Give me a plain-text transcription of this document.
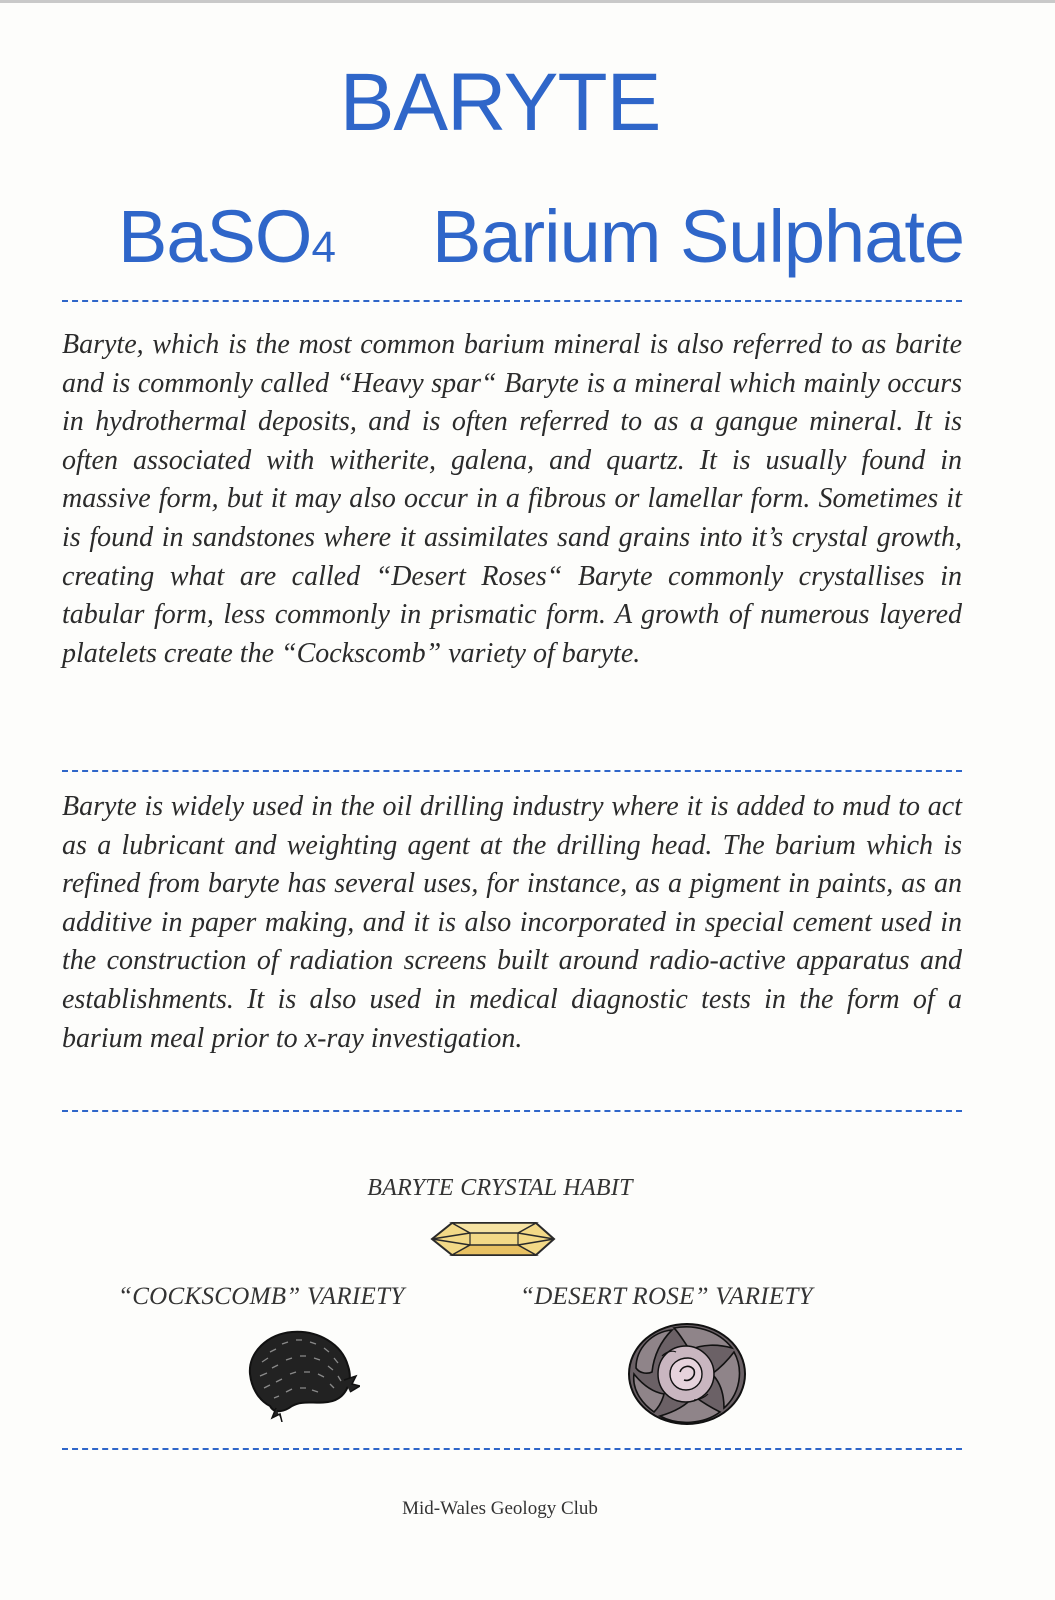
BARYTE
BaSO4 Barium Sulphate
Baryte, which is the most common barium mineral is also referred to as barite and is commonly called “Heavy spar“ Baryte is a mineral which mainly occurs in hydrothermal deposits, and is often referred to as a gangue mineral. It is often associated with witherite, galena, and quartz. It is usually found in massive form, but it may also occur in a fibrous or lamellar form. Sometimes it is found in sandstones where it assimilates sand grains into it’s crystal growth, creating what are called “Desert Roses“ Baryte commonly crystallises in tabular form, less commonly in prismatic form. A growth of numerous layered platelets create the “Cockscomb” variety of baryte.
Baryte is widely used in the oil drilling industry where it is added to mud to act as a lubricant and weighting agent at the drilling head. The barium which is refined from baryte has several uses, for instance, as a pigment in paints, as an additive in paper making, and it is also incorporated in special cement used in the construction of radiation screens built around radio-active apparatus and establishments. It is also used in medical diagnostic tests in the form of a barium meal prior to x-ray investigation.
BARYTE CRYSTAL HABIT
“COCKSCOMB” VARIETY	“DESERT ROSE” VARIETY
Mid-Wales Geology Club
